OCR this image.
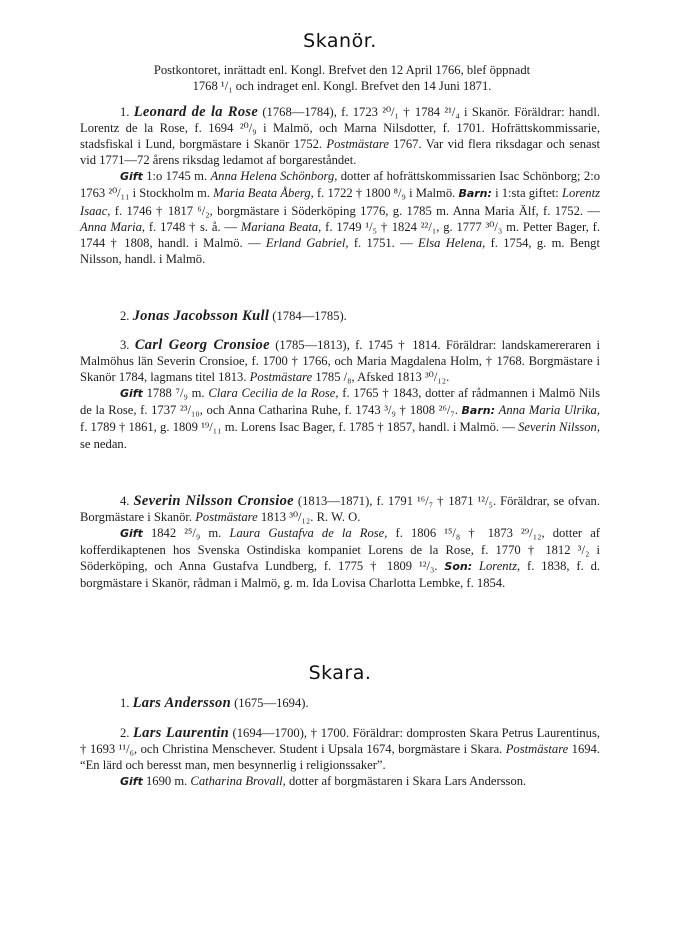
Skanör.
Postkontoret, inrättadt enl. Kongl. Brefvet den 12 April 1766, blef öppnadt
1768 ¹/₁ och indraget enl. Kongl. Brefvet den 14 Juni 1871.

1. Leonard de la Rose (1768—1784), f. 1723 ²⁰/₁ † 1784 ²¹/₄ i Skanör. Föräldrar: handl. Lorentz de la Rose, f. 1694 ²⁰/₉ i Malmö, och Marna Nilsdotter, f. 1701. Hofrättskommissarie, stadsfiskal i Lund, borgmästare i Skanör 1752. Postmästare 1767. Var vid flera riksdagar och senast vid 1771—72 årens riksdag ledamot af borgareståndet.

Gift 1:o 1745 m. Anna Helena Schönborg, dotter af hofrättskommissarien Isac Schönborg; 2:o 1763 ²⁰/₁₁ i Stockholm m. Maria Beata Åberg, f. 1722 † 1800 ⁸/₉ i Malmö. Barn: i 1:sta giftet: Lorentz Isaac, f. 1746 † 1817 ⁶/₂, borgmästare i Söderköping 1776, g. 1785 m. Anna Maria Älf, f. 1752. — Anna Maria, f. 1748 † s. å. — Mariana Beata, f. 1749 ¹/₅ † 1824 ²²/₁, g. 1777 ³⁰/₃ m. Petter Bager, f. 1744 † 1808, handl. i Malmö. — Erland Gabriel, f. 1751. — Elsa Helena, f. 1754, g. m. Bengt Nilsson, handl. i Malmö.

2. Jonas Jacobsson Kull (1784—1785).

3. Carl Georg Cronsioe (1785—1813), f. 1745 † 1814. Föräldrar: landskamereraren i Malmöhus län Severin Cronsioe, f. 1700 † 1766, och Maria Magdalena Holm, † 1768. Borgmästare i Skanör 1784, lagmans titel 1813. Postmästare 1785 /₈, Afsked 1813 ³⁰/₁₂.

Gift 1788 ⁷/₉ m. Clara Cecilia de la Rose, f. 1765 † 1843, dotter af rådmannen i Malmö Nils de la Rose, f. 1737 ²³/₁₀, och Anna Catharina Ruhe, f. 1743 ³/₉ † 1808 ²⁶/₇. Barn: Anna Maria Ulrika, f. 1789 † 1861, g. 1809 ¹⁹/₁₁ m. Lorens Isac Bager, f. 1785 † 1857, handl. i Malmö. — Severin Nilsson, se nedan.

4. Severin Nilsson Cronsioe (1813—1871), f. 1791 ¹⁶/₇ † 1871 ¹²/₅. Föräldrar, se ofvan. Borgmästare i Skanör. Postmästare 1813 ³⁰/₁₂. R. W. O.

Gift 1842 ²⁵/₉ m. Laura Gustafva de la Rose, f. 1806 ¹⁵/₈ † 1873 ²⁹/₁₂, dotter af kofferdikaptenen hos Svenska Ostindiska kompaniet Lorens de la Rose, f. 1770 † 1812 ³/₂ i Söderköping, och Anna Gustafva Lundberg, f. 1775 † 1809 ¹²/₃. Son: Lorentz, f. 1838, f. d. borgmästare i Skanör, rådman i Malmö, g. m. Ida Lovisa Charlotta Lembke, f. 1854.

Skara.

1. Lars Andersson (1675—1694).

2. Lars Laurentin (1694—1700), † 1700. Föräldrar: domprosten Skara Petrus Laurentinus, † 1693 ¹¹/₆, och Christina Menschever. Student i Upsala 1674, borgmästare i Skara. Postmästare 1694. “En lärd och beresst man, men besynnerlig i religionssaker”.

Gift 1690 m. Catharina Brovall, dotter af borgmästaren i Skara Lars Andersson.
